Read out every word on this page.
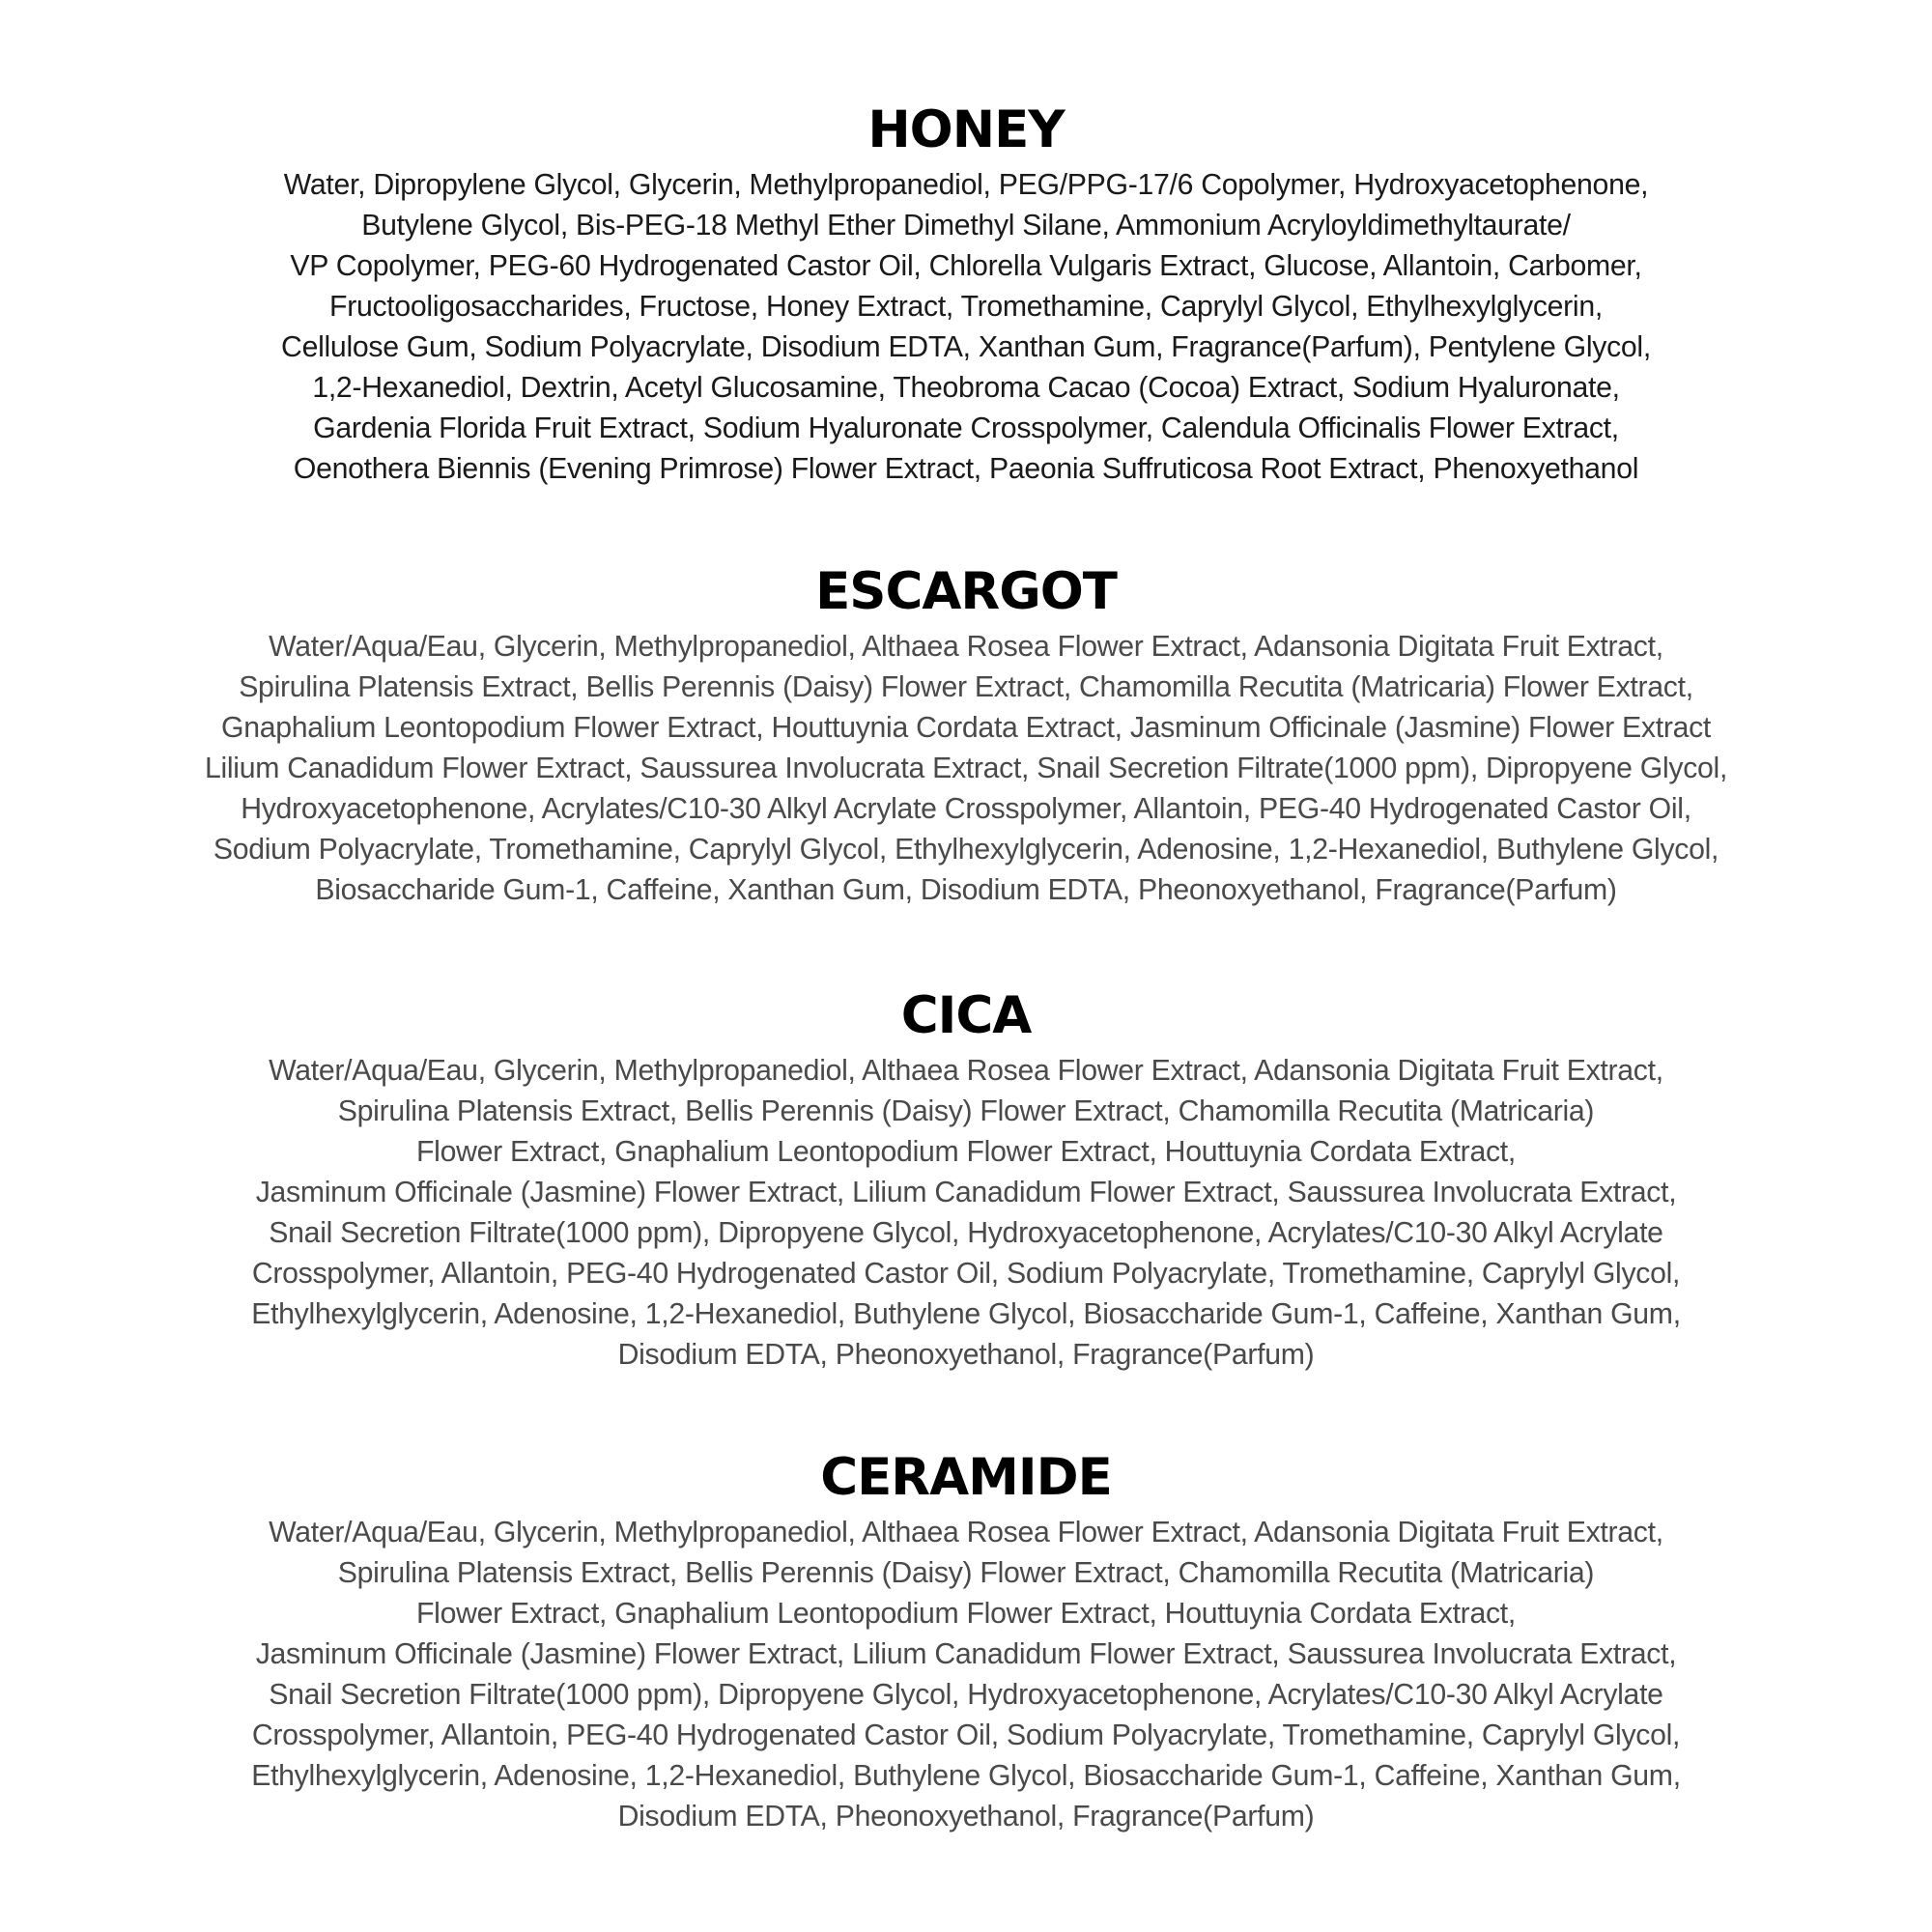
HONEY
Water, Dipropylene Glycol, Glycerin, Methylpropanediol, PEG/PPG-17/6 Copolymer, Hydroxyacetophenone,
Butylene Glycol, Bis-PEG-18 Methyl Ether Dimethyl Silane, Ammonium Acryloyldimethyltaurate/
VP Copolymer, PEG-60 Hydrogenated Castor Oil, Chlorella Vulgaris Extract, Glucose, Allantoin, Carbomer,
Fructooligosaccharides, Fructose, Honey Extract, Tromethamine, Caprylyl Glycol, Ethylhexylglycerin,
Cellulose Gum, Sodium Polyacrylate, Disodium EDTA, Xanthan Gum, Fragrance(Parfum), Pentylene Glycol,
1,2-Hexanediol, Dextrin, Acetyl Glucosamine, Theobroma Cacao (Cocoa) Extract, Sodium Hyaluronate,
Gardenia Florida Fruit Extract, Sodium Hyaluronate Crosspolymer, Calendula Officinalis Flower Extract,
Oenothera Biennis (Evening Primrose) Flower Extract, Paeonia Suffruticosa Root Extract, Phenoxyethanol
ESCARGOT
Water/Aqua/Eau, Glycerin, Methylpropanediol, Althaea Rosea Flower Extract, Adansonia Digitata Fruit Extract,
Spirulina Platensis Extract, Bellis Perennis (Daisy) Flower Extract, Chamomilla Recutita (Matricaria) Flower Extract,
Gnaphalium Leontopodium Flower Extract, Houttuynia Cordata Extract, Jasminum Officinale (Jasmine) Flower Extract
Lilium Canadidum Flower Extract, Saussurea Involucrata Extract, Snail Secretion Filtrate(1000 ppm), Dipropyene Glycol,
Hydroxyacetophenone, Acrylates/C10-30 Alkyl Acrylate Crosspolymer, Allantoin, PEG-40 Hydrogenated Castor Oil,
Sodium Polyacrylate, Tromethamine, Caprylyl Glycol, Ethylhexylglycerin, Adenosine, 1,2-Hexanediol, Buthylene Glycol,
Biosaccharide Gum-1, Caffeine, Xanthan Gum, Disodium EDTA, Pheonoxyethanol, Fragrance(Parfum)
CICA
Water/Aqua/Eau, Glycerin, Methylpropanediol, Althaea Rosea Flower Extract, Adansonia Digitata Fruit Extract,
Spirulina Platensis Extract, Bellis Perennis (Daisy) Flower Extract, Chamomilla Recutita (Matricaria)
Flower Extract, Gnaphalium Leontopodium Flower Extract, Houttuynia Cordata Extract,
Jasminum Officinale (Jasmine) Flower Extract, Lilium Canadidum Flower Extract, Saussurea Involucrata Extract,
Snail Secretion Filtrate(1000 ppm), Dipropyene Glycol, Hydroxyacetophenone, Acrylates/C10-30 Alkyl Acrylate
Crosspolymer, Allantoin, PEG-40 Hydrogenated Castor Oil, Sodium Polyacrylate, Tromethamine, Caprylyl Glycol,
Ethylhexylglycerin, Adenosine, 1,2-Hexanediol, Buthylene Glycol, Biosaccharide Gum-1, Caffeine, Xanthan Gum,
Disodium EDTA, Pheonoxyethanol, Fragrance(Parfum)
CERAMIDE
Water/Aqua/Eau, Glycerin, Methylpropanediol, Althaea Rosea Flower Extract, Adansonia Digitata Fruit Extract,
Spirulina Platensis Extract, Bellis Perennis (Daisy) Flower Extract, Chamomilla Recutita (Matricaria)
Flower Extract, Gnaphalium Leontopodium Flower Extract, Houttuynia Cordata Extract,
Jasminum Officinale (Jasmine) Flower Extract, Lilium Canadidum Flower Extract, Saussurea Involucrata Extract,
Snail Secretion Filtrate(1000 ppm), Dipropyene Glycol, Hydroxyacetophenone, Acrylates/C10-30 Alkyl Acrylate
Crosspolymer, Allantoin, PEG-40 Hydrogenated Castor Oil, Sodium Polyacrylate, Tromethamine, Caprylyl Glycol,
Ethylhexylglycerin, Adenosine, 1,2-Hexanediol, Buthylene Glycol, Biosaccharide Gum-1, Caffeine, Xanthan Gum,
Disodium EDTA, Pheonoxyethanol, Fragrance(Parfum)
